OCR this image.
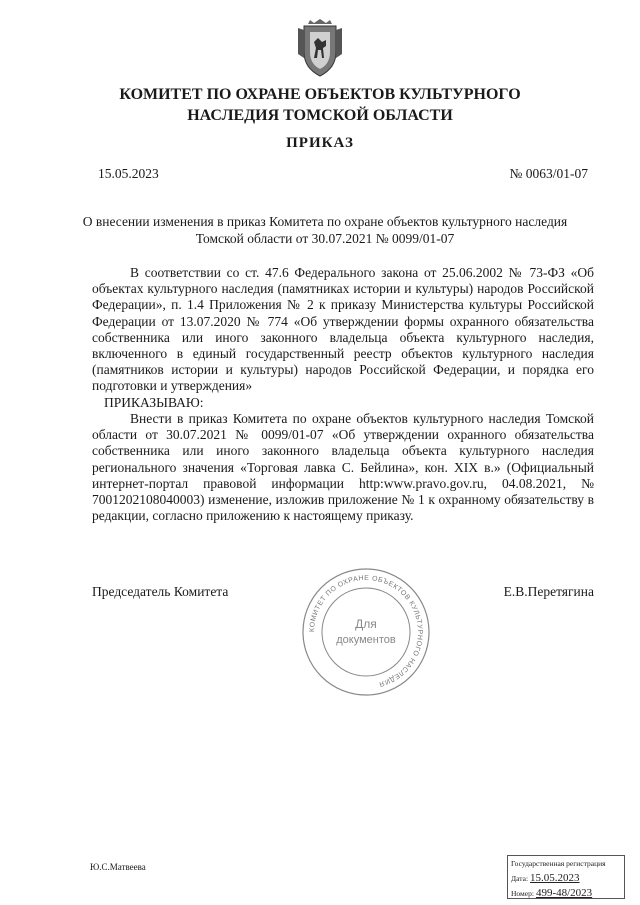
КОМИТЕТ ПО ОХРАНЕ ОБЪЕКТОВ КУЛЬТУРНОГО
НАСЛЕДИЯ ТОМСКОЙ ОБЛАСТИ
ПРИКАЗ
15.05.2023	№ 0063/01-07
О внесении изменения в приказ Комитета по охране объектов культурного наследия Томской области от 30.07.2021 № 0099/01-07
В соответствии со ст. 47.6 Федерального закона от 25.06.2002 № 73-ФЗ «Об объектах культурного наследия (памятниках истории и культуры) народов Российской Федерации», п. 1.4 Приложения № 2 к приказу Министерства культуры Российской Федерации от 13.07.2020 № 774 «Об утверждении формы охранного обязательства собственника или иного законного владельца объекта культурного наследия, включенного в единый государственный реестр объектов культурного наследия (памятников истории и культуры) народов Российской Федерации, и порядка его подготовки и утверждения»
ПРИКАЗЫВАЮ:
Внести в приказ Комитета по охране объектов культурного наследия Томской области от 30.07.2021 № 0099/01-07 «Об утверждении охранного обязательства собственника или иного законного владельца объекта культурного наследия регионального значения «Торговая лавка С. Бейлина», кон. XIX в.» (Официальный интернет-портал правовой информации http:www.pravo.gov.ru, 04.08.2021, № 7001202108040003) изменение, изложив приложение № 1 к охранному обязательству в редакции, согласно приложению к настоящему приказу.
Председатель Комитета	Е.В.Перетягина
КОМИТЕТ ПО ОХРАНЕ ОБЪЕКТОВ КУЛЬТУРНОГО НАСЛЕДИЯ
Для
документов
Ю.С.Матвеева	Государственная регистрация
Дата: 15.05.2023
Номер: 499-48/2023
